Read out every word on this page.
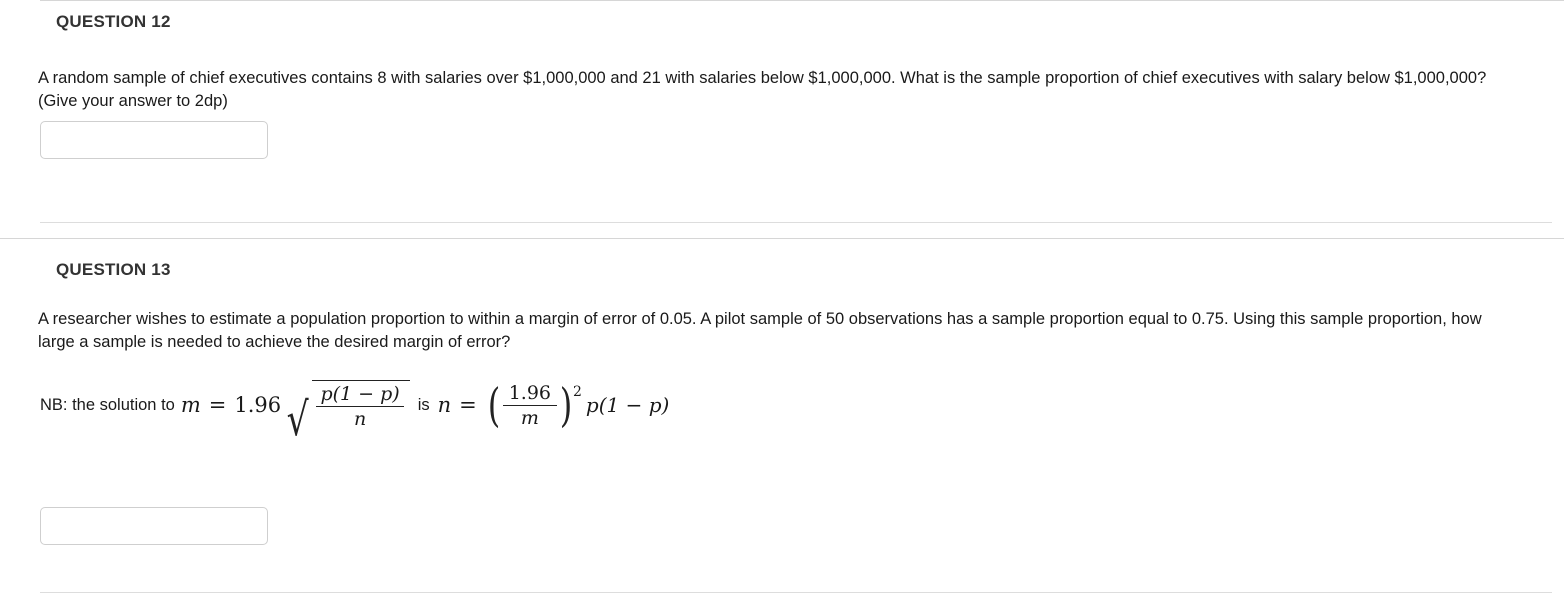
QUESTION 12
A random sample of chief executives contains 8 with salaries over $1,000,000 and 21 with salaries below $1,000,000. What is the sample proportion of chief executives with salary below $1,000,000? (Give your answer to 2dp)
QUESTION 13
A researcher wishes to estimate a population proportion to within a margin of error of 0.05. A pilot sample of 50 observations has a sample proportion equal to 0.75. Using this sample proportion, how large a sample is needed to achieve the desired margin of error?
NB: the solution to m = 1.96 √ $\frac{p(1 - p)}{n}$ is n = ( $\frac{1.96}{m}$ ) 2
p(1 − p)
